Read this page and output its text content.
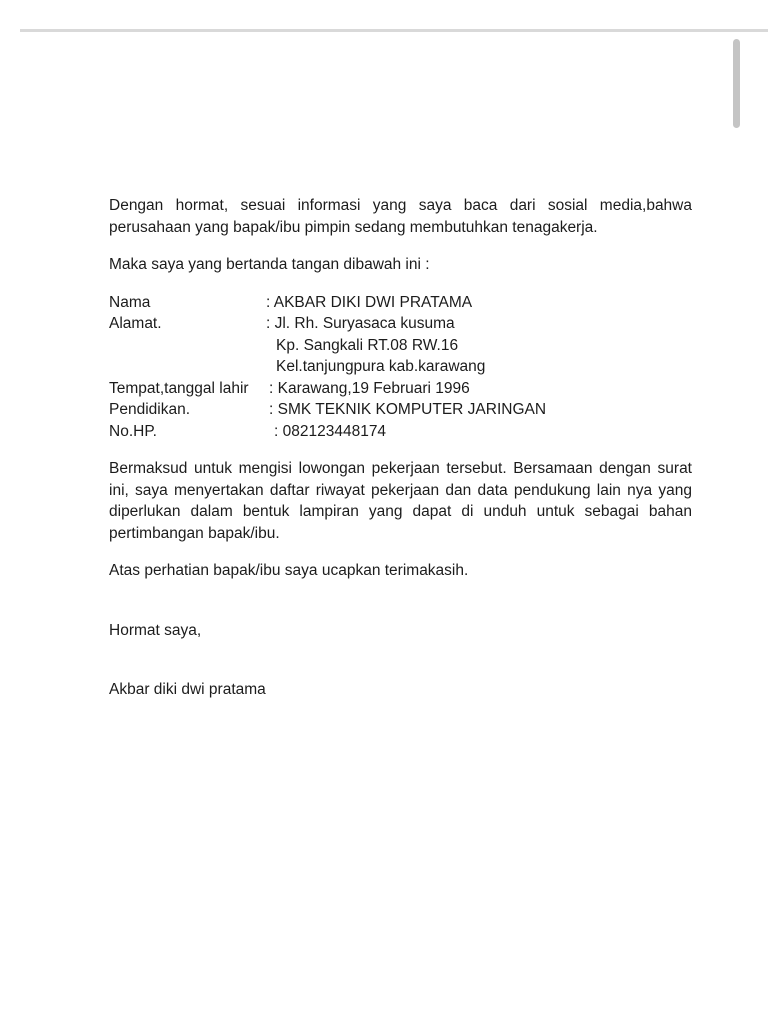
Dengan hormat, sesuai informasi yang saya baca dari sosial media,bahwa perusahaan yang bapak/ibu pimpin sedang membutuhkan tenagakerja.

Maka saya yang bertanda tangan dibawah ini :

Nama	: AKBAR DIKI DWI PRATAMA
Alamat.	: Jl. Rh. Suryasaca kusuma
Kp. Sangkali RT.08 RW.16
Kel.tanjungpura kab.karawang
Tempat,tanggal lahir : Karawang,19 Februari 1996
Pendidikan.	: SMK TEKNIK KOMPUTER JARINGAN
No.HP.	: 082123448174

Bermaksud untuk mengisi lowongan pekerjaan tersebut. Bersamaan dengan surat ini, saya menyertakan daftar riwayat pekerjaan dan data pendukung lain nya yang diperlukan dalam bentuk lampiran yang dapat di unduh untuk sebagai bahan pertimbangan bapak/ibu.

Atas perhatian bapak/ibu saya ucapkan terimakasih.

Hormat saya,

Akbar diki dwi pratama
